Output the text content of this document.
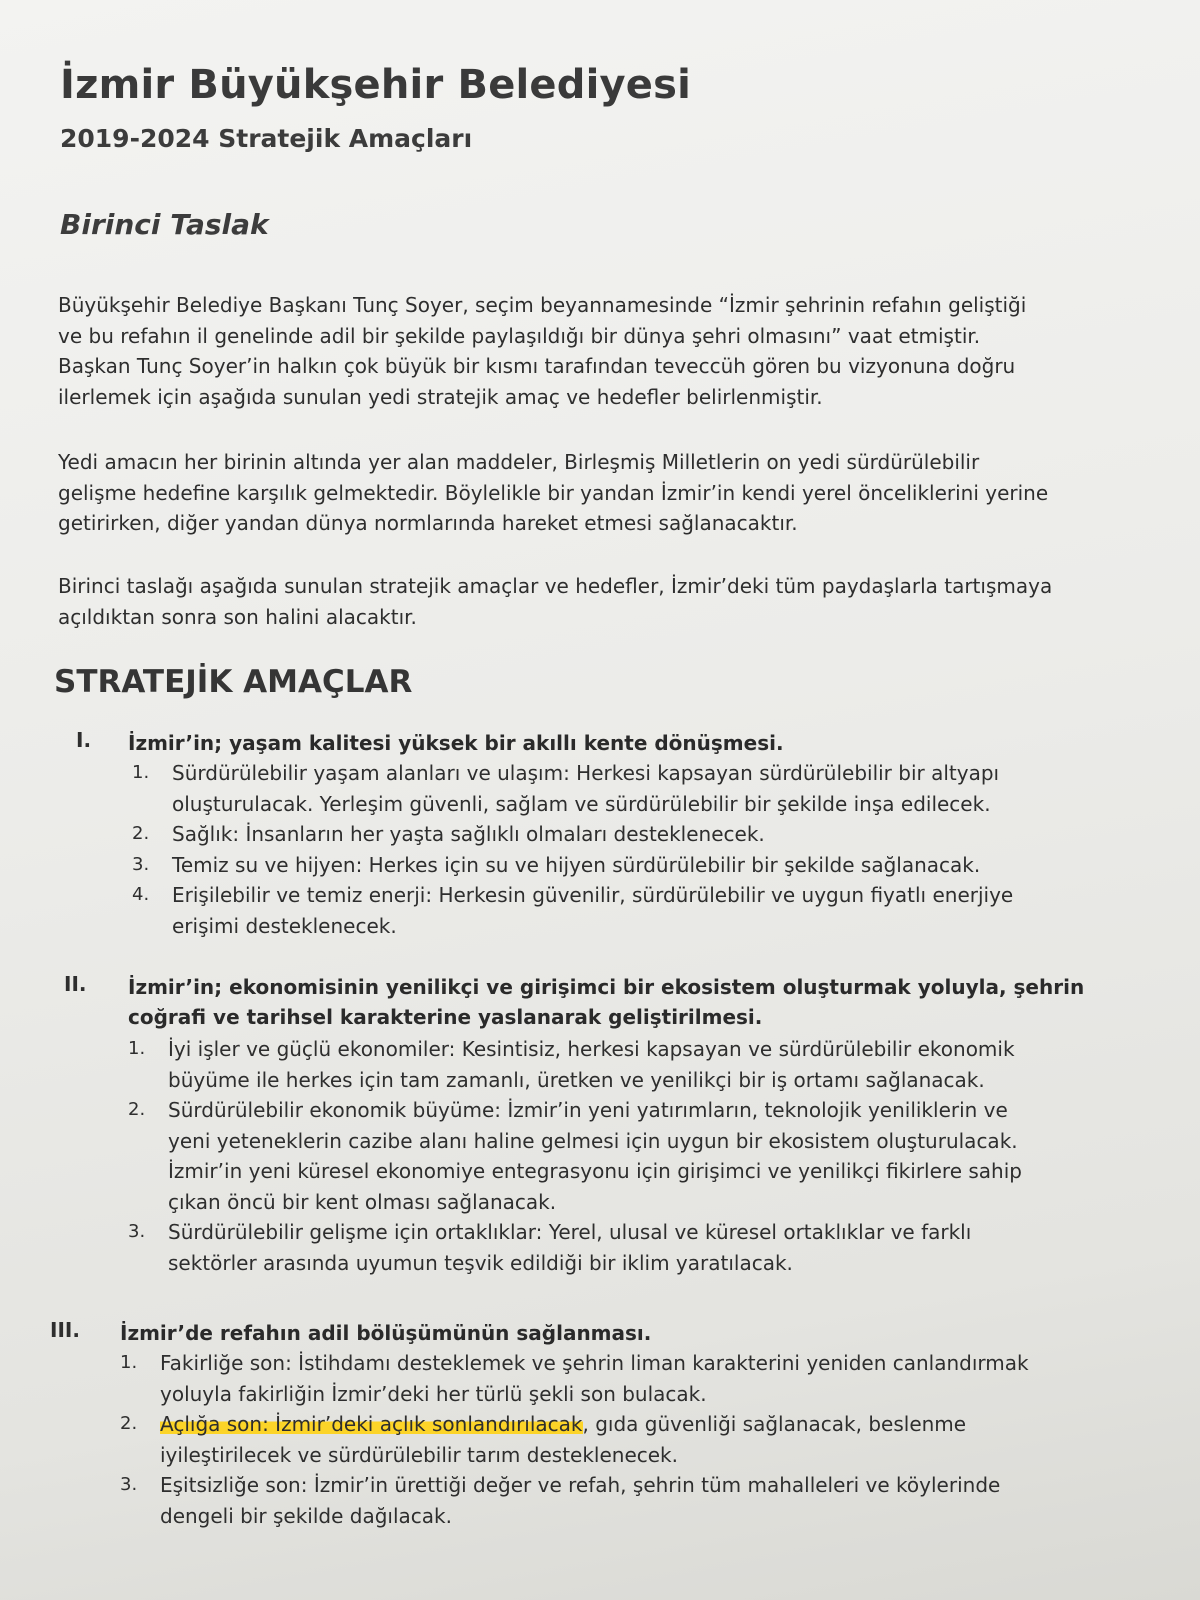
İzmir Büyükşehir Belediyesi
2019-2024 Stratejik Amaçları
Birinci Taslak
Büyükşehir Belediye Başkanı Tunç Soyer, seçim beyannamesinde “İzmir şehrinin refahın geliştiği
ve bu refahın il genelinde adil bir şekilde paylaşıldığı bir dünya şehri olmasını” vaat etmiştir.
Başkan Tunç Soyer’in halkın çok büyük bir kısmı tarafından teveccüh gören bu vizyonuna doğru
ilerlemek için aşağıda sunulan yedi stratejik amaç ve hedefler belirlenmiştir.
Yedi amacın her birinin altında yer alan maddeler, Birleşmiş Milletlerin on yedi sürdürülebilir
gelişme hedefine karşılık gelmektedir. Böylelikle bir yandan İzmir’in kendi yerel önceliklerini yerine
getirirken, diğer yandan dünya normlarında hareket etmesi sağlanacaktır.
Birinci taslağı aşağıda sunulan stratejik amaçlar ve hedefler, İzmir’deki tüm paydaşlarla tartışmaya
açıldıktan sonra son halini alacaktır.
STRATEJİK AMAÇLAR
I. İzmir’in; yaşam kalitesi yüksek bir akıllı kente dönüşmesi.
1. Sürdürülebilir yaşam alanları ve ulaşım: Herkesi kapsayan sürdürülebilir bir altyapı
oluşturulacak. Yerleşim güvenli, sağlam ve sürdürülebilir bir şekilde inşa edilecek.
2. Sağlık: İnsanların her yaşta sağlıklı olmaları desteklenecek.
3. Temiz su ve hijyen: Herkes için su ve hijyen sürdürülebilir bir şekilde sağlanacak.
4. Erişilebilir ve temiz enerji: Herkesin güvenilir, sürdürülebilir ve uygun fiyatlı enerjiye
erişimi desteklenecek.
II. İzmir’in; ekonomisinin yenilikçi ve girişimci bir ekosistem oluşturmak yoluyla, şehrin
coğrafi ve tarihsel karakterine yaslanarak geliştirilmesi.
1. İyi işler ve güçlü ekonomiler: Kesintisiz, herkesi kapsayan ve sürdürülebilir ekonomik
büyüme ile herkes için tam zamanlı, üretken ve yenilikçi bir iş ortamı sağlanacak.
2. Sürdürülebilir ekonomik büyüme: İzmir’in yeni yatırımların, teknolojik yeniliklerin ve
yeni yeteneklerin cazibe alanı haline gelmesi için uygun bir ekosistem oluşturulacak.
İzmir’in yeni küresel ekonomiye entegrasyonu için girişimci ve yenilikçi fikirlere sahip
çıkan öncü bir kent olması sağlanacak.
3. Sürdürülebilir gelişme için ortaklıklar: Yerel, ulusal ve küresel ortaklıklar ve farklı
sektörler arasında uyumun teşvik edildiği bir iklim yaratılacak.
III. İzmir’de refahın adil bölüşümünün sağlanması.
1. Fakirliğe son: İstihdamı desteklemek ve şehrin liman karakterini yeniden canlandırmak
yoluyla fakirliğin İzmir’deki her türlü şekli son bulacak.
2. Açlığa son: İzmir’deki açlık sonlandırılacak, gıda güvenliği sağlanacak, beslenme
iyileştirilecek ve sürdürülebilir tarım desteklenecek.
3. Eşitsizliğe son: İzmir’in ürettiği değer ve refah, şehrin tüm mahalleleri ve köylerinde
dengeli bir şekilde dağılacak.
